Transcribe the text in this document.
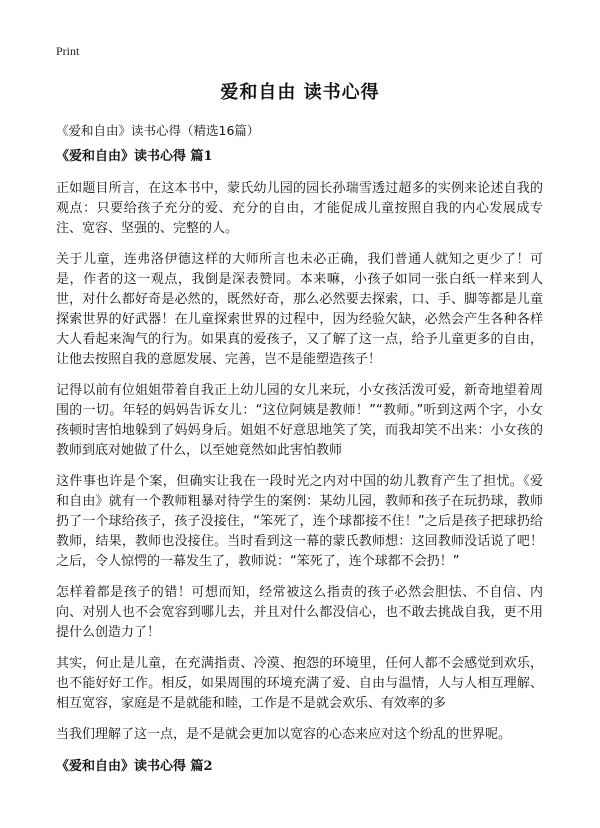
Print
爱和自由 读书心得

《爱和自由》读书心得（精选16篇）

《爱和自由》读书心得 篇1

正如题目所言，在这本书中，蒙氏幼儿园的园长孙瑞雪透过超多的实例来论述自我的观点：只要给孩子充分的爱、充分的自由，才能促成儿童按照自我的内心发展成专注、宽容、坚强的、完整的人。

关于儿童，连弗洛伊德这样的大师所言也未必正确，我们普通人就知之更少了！可是，作者的这一观点，我倒是深表赞同。本来嘛，小孩子如同一张白纸一样来到人世，对什么都好奇是必然的，既然好奇，那么必然要去探索，口、手、脚等都是儿童探索世界的好武器！在儿童探索世界的过程中，因为经验欠缺，必然会产生各种各样大人看起来淘气的行为。如果真的爱孩子，又了解了这一点，给予儿童更多的自由，让他去按照自我的意愿发展、完善，岂不是能塑造孩子！

记得以前有位姐姐带着自我正上幼儿园的女儿来玩，小女孩活泼可爱，新奇地望着周围的一切。年轻的妈妈告诉女儿：“这位阿姨是教师！”“教师。”听到这两个字，小女孩顿时害怕地躲到了妈妈身后。姐姐不好意思地笑了笑，而我却笑不出来：小女孩的教师到底对她做了什么，以至她竟然如此害怕教师

这件事也许是个案，但确实让我在一段时光之内对中国的幼儿教育产生了担忧。《爱和自由》就有一个教师粗暴对待学生的案例：某幼儿园，教师和孩子在玩扔球，教师扔了一个球给孩子，孩子没接住，“笨死了，连个球都接不住！”之后是孩子把球扔给教师，结果，教师也没接住。当时看到这一幕的蒙氏教师想：这回教师没话说了吧！之后，令人惊愕的一幕发生了，教师说：“笨死了，连个球都不会扔！”

怎样着都是孩子的错！可想而知，经常被这么指责的孩子必然会胆怯、不自信、内向、对别人也不会宽容到哪儿去，并且对什么都没信心，也不敢去挑战自我，更不用提什么创造力了！

其实，何止是儿童，在充满指责、冷漠、抱怨的环境里，任何人都不会感觉到欢乐，也不能好好工作。相反，如果周围的环境充满了爱、自由与温情，人与人相互理解、相互宽容，家庭是不是就能和睦，工作是不是就会欢乐、有效率的多

当我们理解了这一点，是不是就会更加以宽容的心态来应对这个纷乱的世界呢。

《爱和自由》读书心得 篇2
